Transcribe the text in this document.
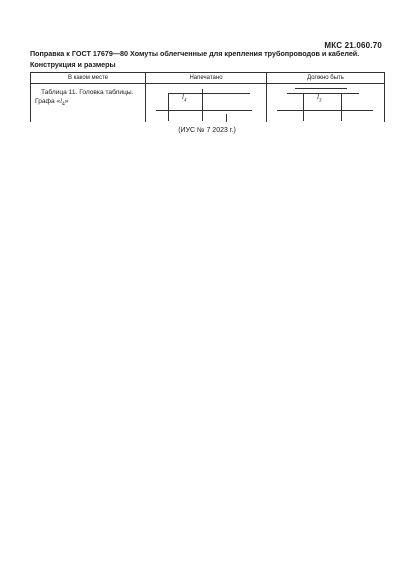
МКС 21.060.70
Поправка к ГОСТ 17679—80 Хомуты облегченные для крепления трубопроводов и кабелей.
Конструкция и размеры
В каком месте	Напечатано	Должно быть

Таблица 11. Головка таблицы.
Графа «$l_4$»	$l_4$	$l_3$
(ИУС № 7 2023 г.)
